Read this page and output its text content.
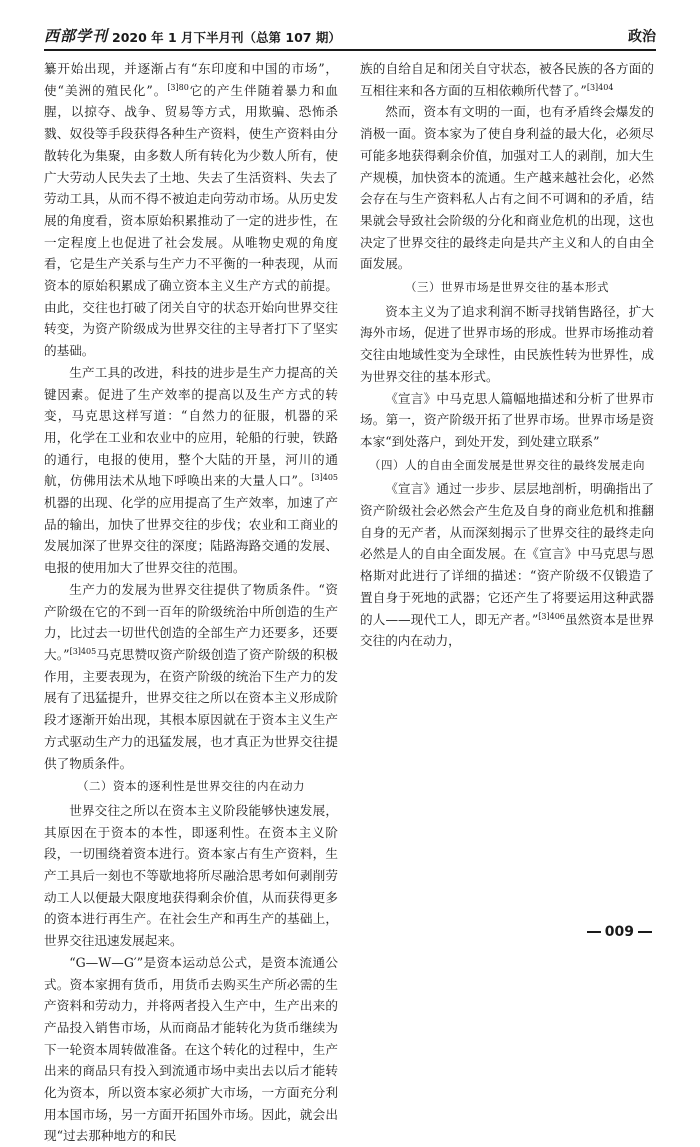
西部学刊 2020 年 1 月下半月刊（总第 107 期）	政治

纂开始出现，并逐渐占有“东印度和中国的市场”，使“美洲的殖民化”。$^{[3]80}$它的产生伴随着暴力和血腥，以掠夺、战争、贸易等方式，用欺骗、恐怖杀戮、奴役等手段获得各种生产资料，使生产资料由分散转化为集聚，由多数人所有转化为少数人所有，使广大劳动人民失去了土地、失去了生活资料、失去了劳动工具，从而不得不被迫走向劳动市场。从历史发展的角度看，资本原始积累推动了一定的进步性，在一定程度上也促进了社会发展。从唯物史观的角度看，它是生产关系与生产力不平衡的一种表现，从而资本的原始积累成了确立资本主义生产方式的前提。由此，交往也打破了闭关自守的状态开始向世界交往转变，为资产阶级成为世界交往的主导者打下了坚实的基础。

生产工具的改进，科技的进步是生产力提高的关键因素。促进了生产效率的提高以及生产方式的转变，马克思这样写道：“自然力的征服，机器的采用，化学在工业和农业中的应用，轮船的行驶，铁路的通行，电报的使用，整个大陆的开垦，河川的通航，仿佛用法术从地下呼唤出来的大量人口”。$^{[3]405}$机器的出现、化学的应用提高了生产效率，加速了产品的输出，加快了世界交往的步伐；农业和工商业的发展加深了世界交往的深度；陆路海路交通的发展、电报的使用加大了世界交往的范围。

生产力的发展为世界交往提供了物质条件。“资产阶级在它的不到一百年的阶级统治中所创造的生产力，比过去一切世代创造的全部生产力还要多，还要大。”$^{[3]405}$马克思赞叹资产阶级创造了资产阶级的积极作用，主要表现为，在资产阶级的统治下生产力的发展有了迅猛提升，世界交往之所以在资本主义形成阶段才逐渐开始出现，其根本原因就在于资本主义生产方式驱动生产力的迅猛发展，也才真正为世界交往提供了物质条件。

（二）资本的逐利性是世界交往的内在动力

世界交往之所以在资本主义阶段能够快速发展，其原因在于资本的本性，即逐利性。在资本主义阶段，一切围绕着资本进行。资本家占有生产资料，生产工具后一刻也不等歇地将所尽融洽思考如何剥削劳动工人以便最大限度地获得剩余价值，从而获得更多的资本进行再生产。在社会生产和再生产的基础上，世界交往迅速发展起来。

“G—W—G′”是资本运动总公式，是资本流通公式。资本家拥有货币，用货币去购买生产所必需的生产资料和劳动力，并将两者投入生产中，生产出来的产品投入销售市场，从而商品才能转化为货币继续为下一轮资本周转做准备。在这个转化的过程中，生产出来的商品只有投入到流通市场中卖出去以后才能转化为资本，所以资本家必须扩大市场，一方面充分利用本国市场，另一方面开拓国外市场。因此，就会出现“过去那种地方的和民

族的自给自足和闭关自守状态，被各民族的各方面的互相往来和各方面的互相依赖所代替了。”$^{[3]404}$

然而，资本有文明的一面，也有矛盾终会爆发的消极一面。资本家为了使自身利益的最大化，必须尽可能多地获得剩余价值，加强对工人的剥削，加大生产规模，加快资本的流通。生产越来越社会化，必然会存在与生产资料私人占有之间不可调和的矛盾，结果就会导致社会阶级的分化和商业危机的出现，这也决定了世界交往的最终走向是共产主义和人的自由全面发展。

（三）世界市场是世界交往的基本形式

资本主义为了追求利润不断寻找销售路径，扩大海外市场，促进了世界市场的形成。世界市场推动着交往由地域性变为全球性，由民族性转为世界性，成为世界交往的基本形式。

《宣言》中马克思人篇幅地描述和分析了世界市场。第一，资产阶级开拓了世界市场。世界市场是资本家“到处落户，到处开发，到处建立联系”

（四）人的自由全面发展是世界交往的最终发展走向

《宣言》通过一步步、层层地剖析，明确指出了资产阶级社会必然会产生危及自身的商业危机和推翻自身的无产者，从而深刻揭示了世界交往的最终走向必然是人的自由全面发展。在《宣言》中马克思与恩格斯对此进行了详细的描述：“资产阶级不仅锻造了置自身于死地的武器；它还产生了将要运用这种武器的人——现代工人，即无产者。”$^{[3]406}$虽然资本是世界交往的内在动力，

009
